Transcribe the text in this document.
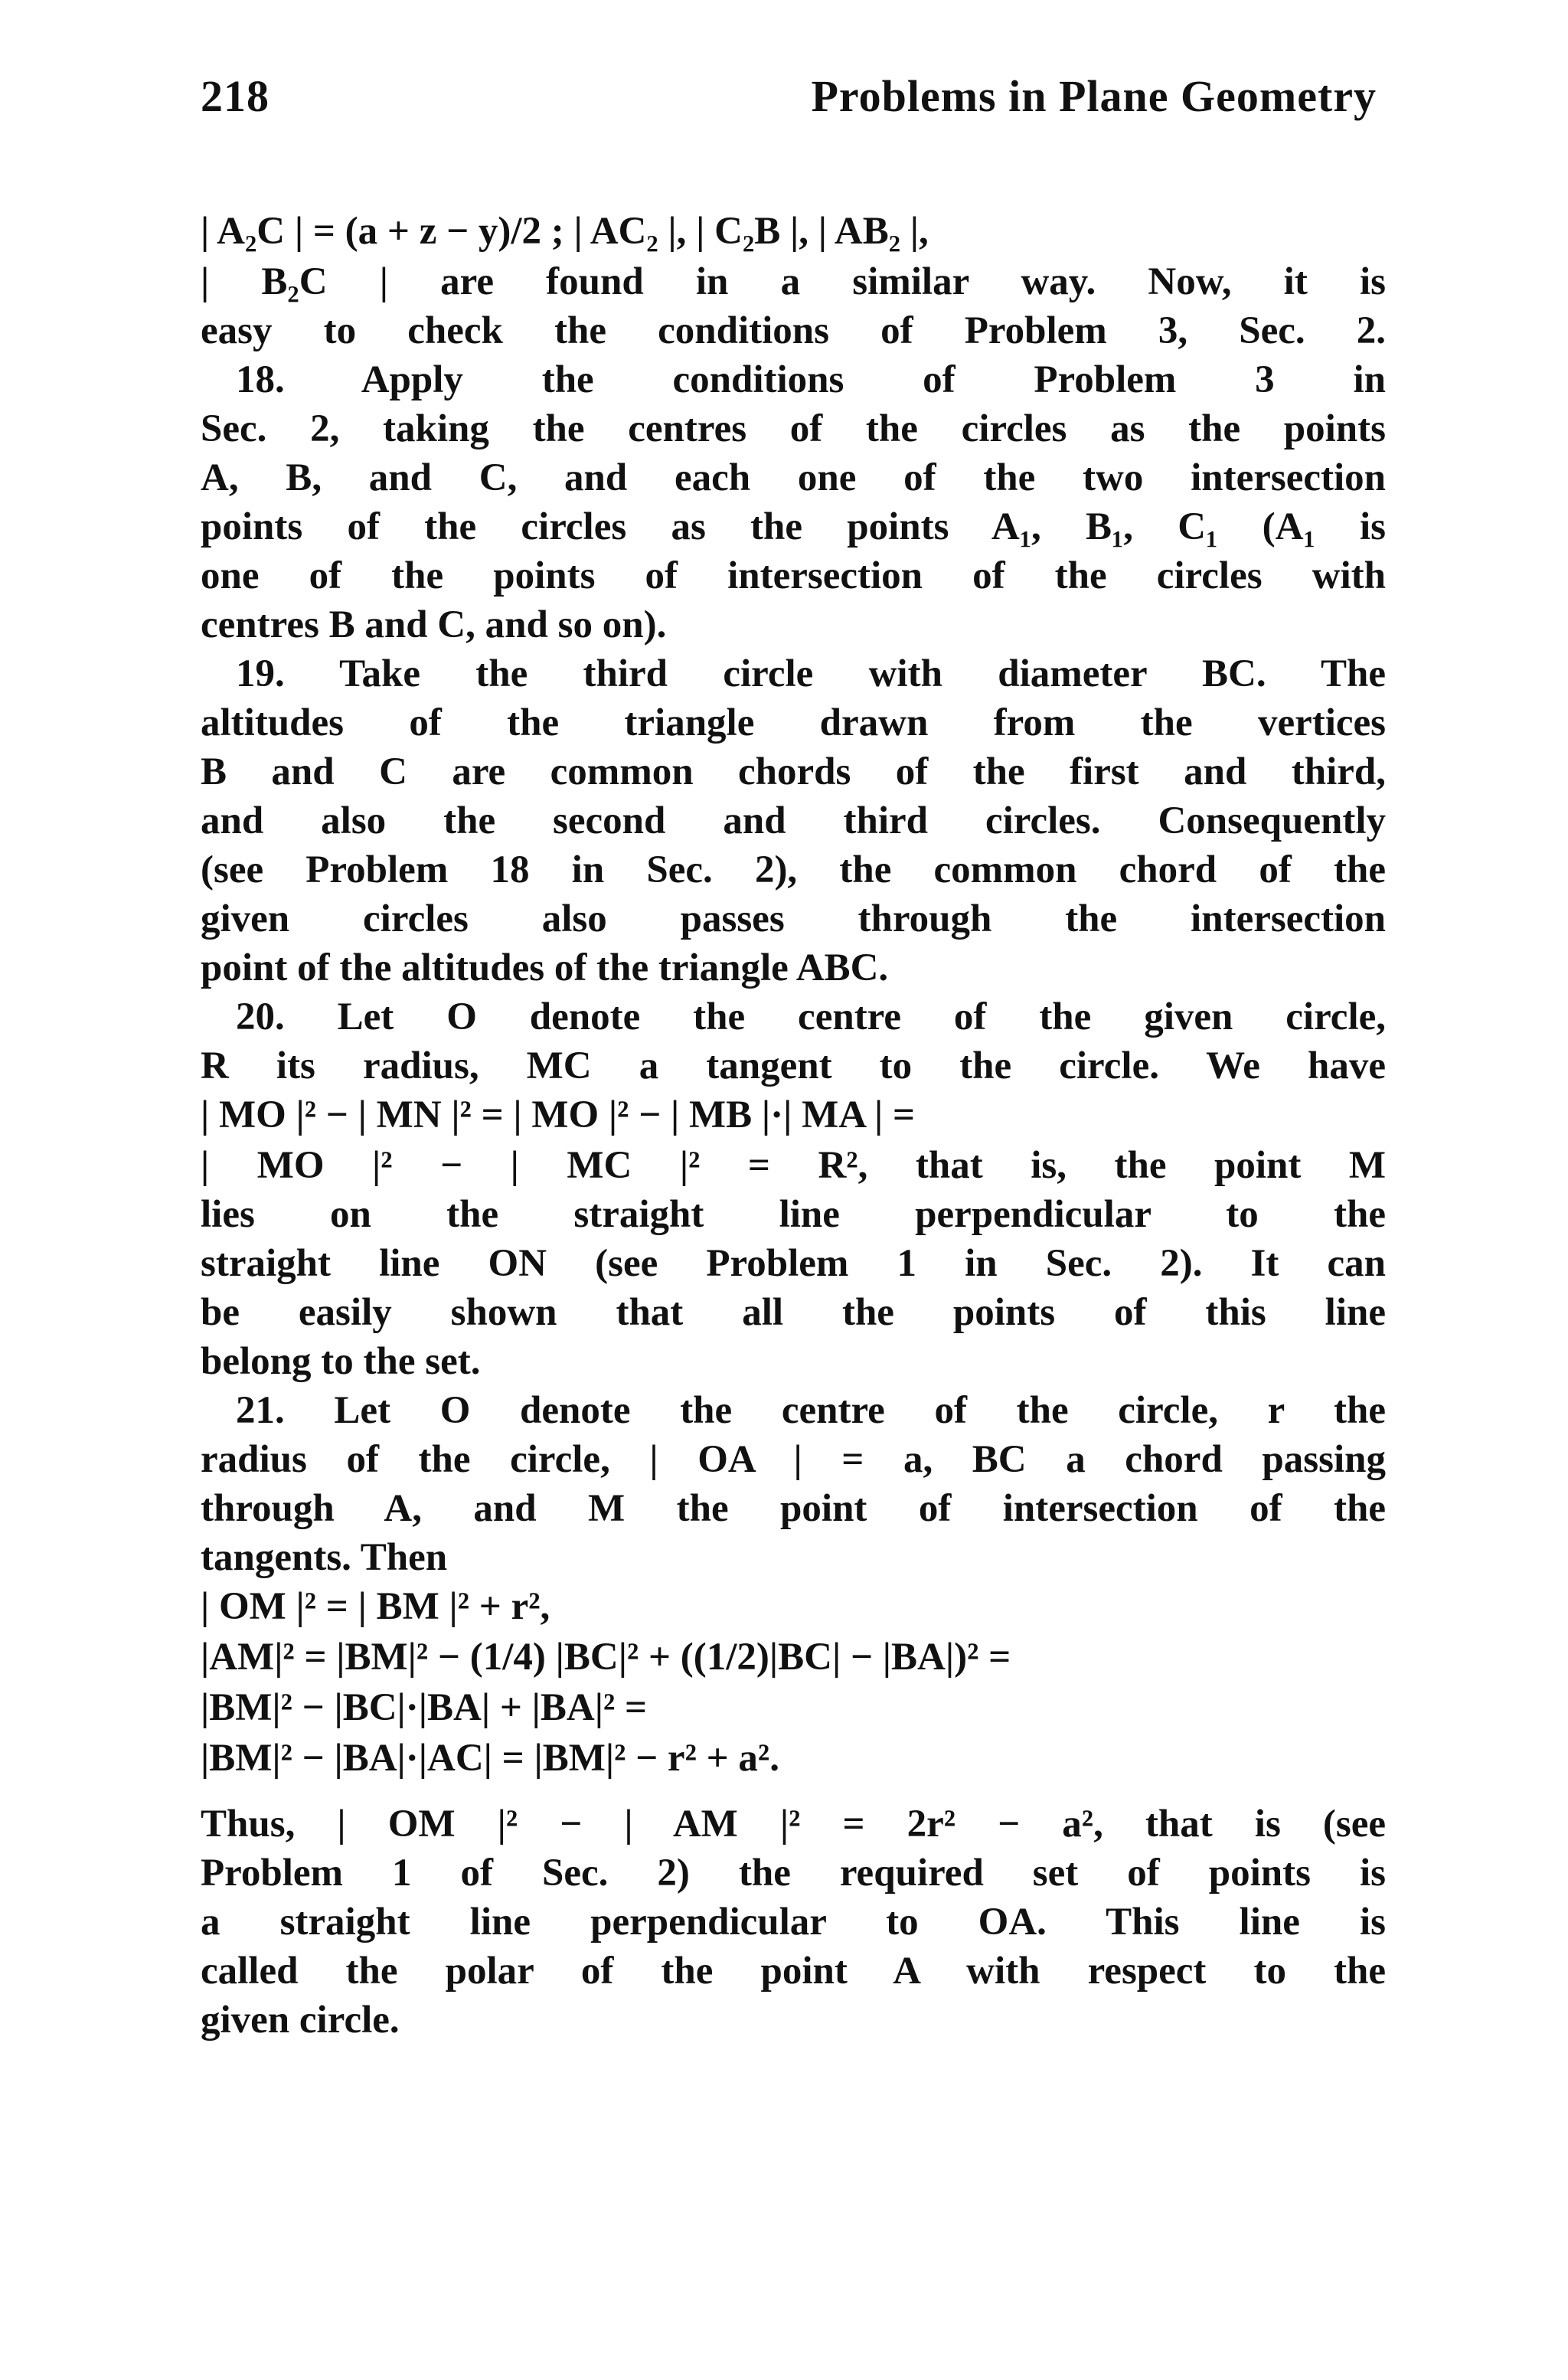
218	Problems in Plane Geometry
| A₂C | = (a + z − y)/2 ; | AC₂ |, | C₂B |, | AB₂ |,
| B₂C | are found in a similar way. Now, it is
easy to check the conditions of Problem 3, Sec. 2.
18. Apply the conditions of Problem 3 in
Sec. 2, taking the centres of the circles as the points
A, B, and C, and each one of the two intersection
points of the circles as the points A₁, B₁, C₁ (A₁ is
one of the points of intersection of the circles with
centres B and C, and so on).
19. Take the third circle with diameter BC. The
altitudes of the triangle drawn from the vertices
B and C are common chords of the first and third,
and also the second and third circles. Consequently
(see Problem 18 in Sec. 2), the common chord of the
given circles also passes through the intersection
point of the altitudes of the triangle ABC.
20. Let O denote the centre of the given circle,
R its radius, MC a tangent to the circle. We have
| MO |² − | MN |² = | MO |² − | MB |·| MA | =
| MO |² − | MC |² = R², that is, the point M
lies on the straight line perpendicular to the
straight line ON (see Problem 1 in Sec. 2). It can
be easily shown that all the points of this line
belong to the set.
21. Let O denote the centre of the circle, r the
radius of the circle, | OA | = a, BC a chord passing
through A, and M the point of intersection of the
tangents. Then
| OM |² = | BM |² + r²,
|AM|² = |BM|² − (1/4) |BC|² + ((1/2)|BC| − |BA|)² =
|BM|² − |BC|·|BA| + |BA|² =
|BM|² − |BA|·|AC| = |BM|² − r² + a².
Thus, | OM |² − | AM |² = 2r² − a², that is (see
Problem 1 of Sec. 2) the required set of points is
a straight line perpendicular to OA. This line is
called the polar of the point A with respect to the
given circle.
